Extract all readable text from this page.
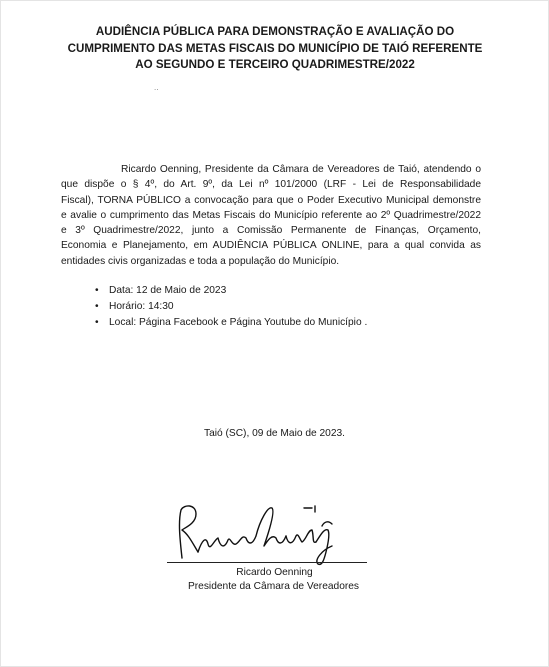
AUDIÊNCIA PÚBLICA PARA DEMONSTRAÇÃO E AVALIAÇÃO DO
CUMPRIMENTO DAS METAS FISCAIS DO MUNICÍPIO DE TAIÓ REFERENTE
AO SEGUNDO E TERCEIRO QUADRIMESTRE/2022
..

Ricardo Oenning, Presidente da Câmara de Vereadores de Taió, atendendo o
que dispõe o § 4º, do Art. 9º, da Lei nº 101/2000 (LRF - Lei de Responsabilidade
Fiscal), TORNA PÚBLICO a convocação para que o Poder Executivo Municipal demonstre
e avalie o cumprimento das Metas Fiscais do Município referente ao 2º Quadrimestre/2022
e 3º Quadrimestre/2022, junto a Comissão Permanente de Finanças, Orçamento,
Economia e Planejamento, em AUDIÊNCIA PÚBLICA ONLINE, para a qual convida as
entidades civis organizadas e toda a população do Município.

• Data: 12 de Maio de 2023
• Horário: 14:30
• Local: Página Facebook e Página Youtube do Município .
Taió (SC), 09 de Maio de 2023.
Ricardo Oenning
Presidente da Câmara de Vereadores
